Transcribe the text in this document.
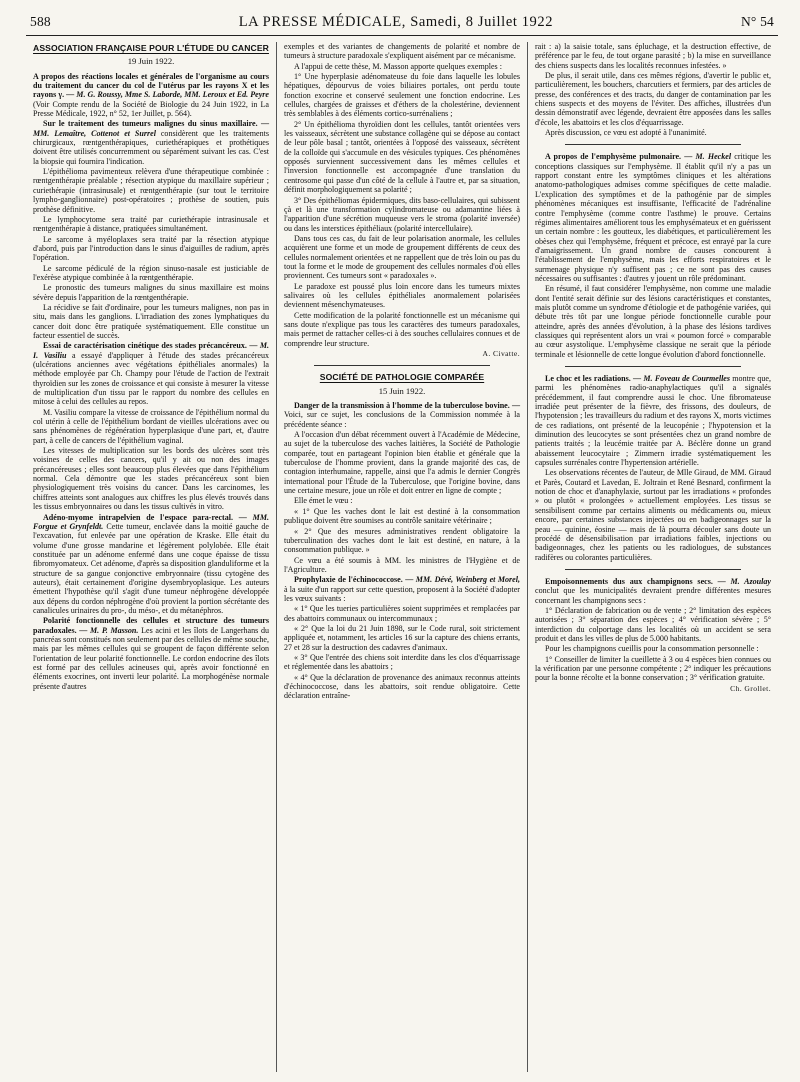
588	LA PRESSE MÉDICALE, Samedi, 8 Juillet 1922	N° 54
ASSOCIATION FRANÇAISE POUR L'ÉTUDE DU CANCER
19 Juin 1922.

A propos des réactions locales et générales de l'organisme au cours du traitement du cancer du col de l'utérus par les rayons X et les rayons γ. — M. G. Roussy, Mme S. Laborde, MM. Leroux et Ed. Peyre (Voir Compte rendu de la Société de Biologie du 24 Juin 1922, in La Presse Médicale, 1922, n° 52, 1er Juillet, p. 564).

Sur le traitement des tumeurs malignes du sinus maxillaire. — MM. Lemaître, Cottenot et Surrel considèrent que les traitements chirurgicaux, rœntgenthérapiques, curiethérapiques et prothétiques doivent être utilisés concurremment ou séparément suivant les cas. C'est la biopsie qui fournira l'indication.

L'épithélioma pavimenteux relèvera d'une thérapeutique combinée : rœntgenthérapie préalable ; résection atypique du maxillaire supérieur ; curiethérapie (intrasinusale) et rœntgenthérapie (sur tout le territoire lympho-ganglionnaire) post-opératoires ; prothèse de soutien, puis prothèse définitive.

Le lymphocytome sera traité par curiethérapie intrasinusale et rœntgenthérapie à distance, pratiquées simultanément.

Le sarcome à myéloplaxes sera traité par la résection atypique d'abord, puis par l'introduction dans le sinus d'aiguilles de radium, après l'opération.

Le sarcome pédiculé de la région sinuso-nasale est justiciable de l'exérèse atypique combinée à la rœntgenthérapie.

Le pronostic des tumeurs malignes du sinus maxillaire est moins sévère depuis l'apparition de la rœntgenthérapie.

La récidive se fait d'ordinaire, pour les tumeurs malignes, non pas in situ, mais dans les ganglions. L'irradiation des zones lymphatiques du cancer doit donc être pratiquée systématiquement. Elle constitue un facteur essentiel de succès.

Essai de caractérisation cinétique des stades précancéreux. — M. I. Vasiliu a essayé d'appliquer à l'étude des stades précancéreux (ulcérations anciennes avec végétations épithéliales anormales) la méthode employée par Ch. Champy pour l'étude de l'action de l'extrait thyroïdien sur les zones de croissance et qui consiste à mesurer la vitesse de multiplication d'un tissu par le rapport du nombre des cellules en mitose à celui des cellules au repos.

M. Vasiliu compare la vitesse de croissance de l'épithélium normal du col utérin à celle de l'épithélium bordant de vieilles ulcérations avec ou sans phénomènes de régénération hyperplasique d'une part, et, d'autre part, à celle de cancers de l'épithélium vaginal.

Les vitesses de multiplication sur les bords des ulcères sont très voisines de celles des cancers, qu'il y ait ou non des images précancéreuses ; elles sont beaucoup plus élevées que dans l'épithélium normal. Cela démontre que les stades précancéreux sont bien physiologiquement très voisins du cancer. Dans les carcinomes, les chiffres atteints sont analogues aux chiffres les plus élevés trouvés dans les tissus embryonnaires ou dans les tissus cultivés in vitro.

Adéno-myome intrapelvien de l'espace para-rectal. — MM. Forgue et Grynfeldt. Cette tumeur, enclavée dans la moitié gauche de l'excavation, fut enlevée par une opération de Kraske. Elle était du volume d'une grosse mandarine et légèrement polylobée. Elle était constituée par un adénome enfermé dans une coque épaisse de tissu fibromyomateux. Cet adénome, d'après sa disposition glanduliforme et la structure de sa gangue conjonctive embryonnaire (tissu cytogène des auteurs), était certainement d'origine dysembryoplasique. Les auteurs émettent l'hypothèse qu'il s'agit d'une tumeur néphrogène développée aux dépens du cordon néphrogène d'où provient la portion sécrétante des canalicules urinaires du pro-, du méso-, et du métanéphros.

Polarité fonctionnelle des cellules et structure des tumeurs paradoxales. — M. P. Masson. Les acini et les îlots de Langerhans du pancréas sont constitués non seulement par des cellules de même souche, mais par les mêmes cellules qui se groupent de façon différente selon l'orientation de leur polarité fonctionnelle. Le cordon endocrine des îlots est formé par des cellules acineuses qui, après avoir fonctionné en éléments exocrines, ont inverti leur polarité. La morphogénèse normale présente d'autres

exemples et des variantes de changements de polarité et nombre de tumeurs à structure paradoxale s'expliquent aisément par ce mécanisme.

A l'appui de cette thèse, M. Masson apporte quelques exemples :

1° Une hyperplasie adénomateuse du foie dans laquelle les lobules hépatiques, dépourvus de voies biliaires portales, ont perdu toute fonction exocrine et conservé seulement une fonction endocrine. Les cellules, chargées de graisses et d'éthers de la cholestérine, deviennent très semblables à des éléments cortico-surrénaliens ;

2° Un épithélioma thyroïdien dont les cellules, tantôt orientées vers les vaisseaux, sécrètent une substance collagène qui se dépose au contact de leur pôle basal ; tantôt, orientées à l'opposé des vaisseaux, sécrètent de la colloïde qui s'accumule en des vésicules typiques. Ces phénomènes opposés surviennent successivement dans les mêmes cellules et l'inversion fonctionnelle est accompagnée d'une translation du centrosome qui passe d'un côté de la cellule à l'autre et, par sa situation, définit morphologiquement sa polarité ;

3° Des épithéliomas épidermiques, dits baso-cellulaires, qui subissent çà et là une transformation cylindromateuse ou adamantine liées à l'apparition d'une sécrétion muqueuse vers le stroma (polarité inversée) ou dans les interstices épithéliaux (polarité intercellulaire).

Dans tous ces cas, du fait de leur polarisation anormale, les cellules acquièrent une forme et un mode de groupement différents de ceux des cellules normalement orientées et ne rappellent que de très loin ou pas du tout la forme et le mode de groupement des cellules normales d'où elles proviennent. Ces tumeurs sont « paradoxales ».

Le paradoxe est poussé plus loin encore dans les tumeurs mixtes salivaires où les cellules épithéliales anormalement polarisées deviennent mésenchymateuses.

Cette modification de la polarité fonctionnelle est un mécanisme qui sans doute n'explique pas tous les caractères des tumeurs paradoxales, mais permet de rattacher celles-ci à des souches cellulaires connues et de comprendre leur structure.

A. Civatte.

SOCIÉTÉ DE PATHOLOGIE COMPARÉE
15 Juin 1922.

Danger de la transmission à l'homme de la tuberculose bovine. — Voici, sur ce sujet, les conclusions de la Commission nommée à la précédente séance :

A l'occasion d'un débat récemment ouvert à l'Académie de Médecine, au sujet de la tuberculose des vaches laitières, la Société de Pathologie comparée, tout en partageant l'opinion bien établie et générale que la tuberculose de l'homme provient, dans la grande majorité des cas, de contagion interhumaine, rappelle, ainsi que l'a admis le dernier Congrès international pour l'Étude de la Tuberculose, que l'origine bovine, dans une certaine mesure, joue un rôle et doit entrer en ligne de compte ;

Elle émet le vœu :

« 1° Que les vaches dont le lait est destiné à la consommation publique doivent être soumises au contrôle sanitaire vétérinaire ;

« 2° Que des mesures administratives rendent obligatoire la tuberculination des vaches dont le lait est destiné, en nature, à la consommation publique. »

Ce vœu a été soumis à MM. les ministres de l'Hygiène et de l'Agriculture.

Prophylaxie de l'échinococcose. — MM. Dévé, Weinberg et Morel, à la suite d'un rapport sur cette question, proposent à la Société d'adopter les vœux suivants :

« 1° Que les tueries particulières soient supprimées et remplacées par des abattoirs communaux ou intercommunaux ;

« 2° Que la loi du 21 Juin 1898, sur le Code rural, soit strictement appliquée et, notamment, les articles 16 sur la capture des chiens errants, 27 et 28 sur la destruction des cadavres d'animaux.

« 3° Que l'entrée des chiens soit interdite dans les clos d'équarrissage et réglementée dans les abattoirs ;

« 4° Que la déclaration de provenance des animaux reconnus atteints d'échinococcose, dans les abattoirs, soit rendue obligatoire. Cette déclaration entraîne-

rait : a) la saisie totale, sans épluchage, et la destruction effective, de préférence par le feu, de tout organe parasité ; b) la mise en surveillance des chiens suspects dans les localités reconnues infestées. »

De plus, il serait utile, dans ces mêmes régions, d'avertir le public et, particulièrement, les bouchers, charcutiers et fermiers, par des articles de presse, des conférences et des tracts, du danger de contamination par les chiens suspects et des moyens de l'éviter. Des affiches, illustrées d'un dessin démonstratif avec légende, devraient être apposées dans les salles d'école, les abattoirs et les clos d'équarrissage.

Après discussion, ce vœu est adopté à l'unanimité.

A propos de l'emphysème pulmonaire. — M. Heckel critique les conceptions classiques sur l'emphysème. Il établit qu'il n'y a pas un rapport constant entre les symptômes cliniques et les altérations anatomo-pathologiques admises comme spécifiques de cette maladie. L'explication des symptômes et de la pathogénie par de simples phénomènes mécaniques est insuffisante, l'efficacité de l'adrénaline contre l'emphysème (comme contre l'asthme) le prouve. Certains régimes alimentaires améliorent tous les emphysémateux et en guérissent un certain nombre : les goutteux, les diabétiques, et particulièrement les obèses chez qui l'emphysème, fréquent et précoce, est enrayé par la cure d'amaigrissement. Un grand nombre de causes concourent à l'établissement de l'emphysème, mais les efforts respiratoires et le surmenage physique n'y suffisent pas ; ce ne sont pas des causes nécessaires ou suffisantes : d'autres y jouent un rôle prédominant.

En résumé, il faut considérer l'emphysème, non comme une maladie dont l'entité serait définie sur des lésions caractéristiques et constantes, mais plutôt comme un syndrome d'étiologie et de pathogénie variées, qui débute très tôt par une longue période fonctionnelle curable pour atteindre, après des années d'évolution, à la phase des lésions tardives classiques qui représentent alors un vrai « poumon forcé » comparable au cœur asystolique. L'emphysème classique ne serait que la période terminale et lésionnelle de cette longue évolution d'abord fonctionnelle.

Le choc et les radiations. — M. Foveau de Courmelles montre que, parmi les phénomènes radio-anaphylactiques qu'il a signalés précédemment, il faut comprendre aussi le choc. Une fibromateuse irradiée peut présenter de la fièvre, des frissons, des douleurs, de l'hypotension ; les travailleurs du radium et des rayons X, morts victimes de ces radiations, ont présenté de la leucopénie ; l'hypotension et la diminution des leucocytes se sont présentées chez un grand nombre de patients traités ; la leucémie traitée par A. Béclère donne un grand abaissement leucocytaire ; Zimmern irradie systématiquement les capsules surrénales contre l'hypertension artérielle.

Les observations récentes de l'auteur, de Mlle Giraud, de MM. Giraud et Parès, Coutard et Lavedan, E. Joltrain et René Besnard, confirment la notion de choc et d'anaphylaxie, surtout par les irradiations « profondes » ou plutôt « prolongées » actuellement employées. Les tissus se sensibilisent comme par certains aliments ou médicaments ou, mieux encore, par certaines substances injectées ou en badigeonnages sur la peau — quinine, éosine — mais de là pourra découler sans doute un procédé de désensibilisation par irradiations faibles, injections ou badigeonnages, chez les patients ou les radiologues, de substances radifères ou colorantes particulières.

Empoisonnements dus aux champignons secs. — M. Azoulay conclut que les municipalités devraient prendre différentes mesures concernant les champignons secs :

1° Déclaration de fabrication ou de vente ; 2° limitation des espèces autorisées ; 3° séparation des espèces ; 4° vérification sévère ; 5° interdiction du colportage dans les localités où un accident se sera produit et dans les villes de plus de 5.000 habitants.

Pour les champignons cueillis pour la consommation personnelle :

1° Conseiller de limiter la cueillette à 3 ou 4 espèces bien connues ou la vérification par une personne compétente ; 2° indiquer les précautions pour la bonne récolte et la bonne conservation ; 3° vérification gratuite.

Ch. Grollet.
